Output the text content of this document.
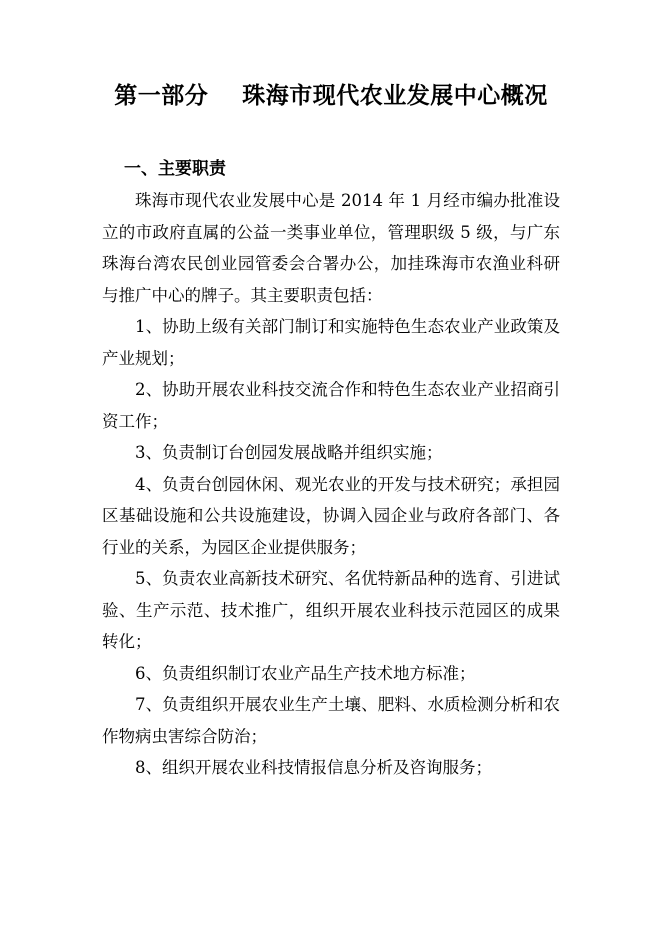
第一部分    珠海市现代农业发展中心概况
一、主要职责

珠海市现代农业发展中心是 2014 年 1 月经市编办批准设立的市政府直属的公益一类事业单位，管理职级 5 级，与广东珠海台湾农民创业园管委会合署办公，加挂珠海市农渔业科研与推广中心的牌子。其主要职责包括：

1、协助上级有关部门制订和实施特色生态农业产业政策及产业规划；

2、协助开展农业科技交流合作和特色生态农业产业招商引资工作；

3、负责制订台创园发展战略并组织实施；

4、负责台创园休闲、观光农业的开发与技术研究；承担园区基础设施和公共设施建设，协调入园企业与政府各部门、各行业的关系，为园区企业提供服务；

5、负责农业高新技术研究、名优特新品种的选育、引进试验、生产示范、技术推广，组织开展农业科技示范园区的成果转化；

6、负责组织制订农业产品生产技术地方标准；

7、负责组织开展农业生产土壤、肥料、水质检测分析和农作物病虫害综合防治；

8、组织开展农业科技情报信息分析及咨询服务；
